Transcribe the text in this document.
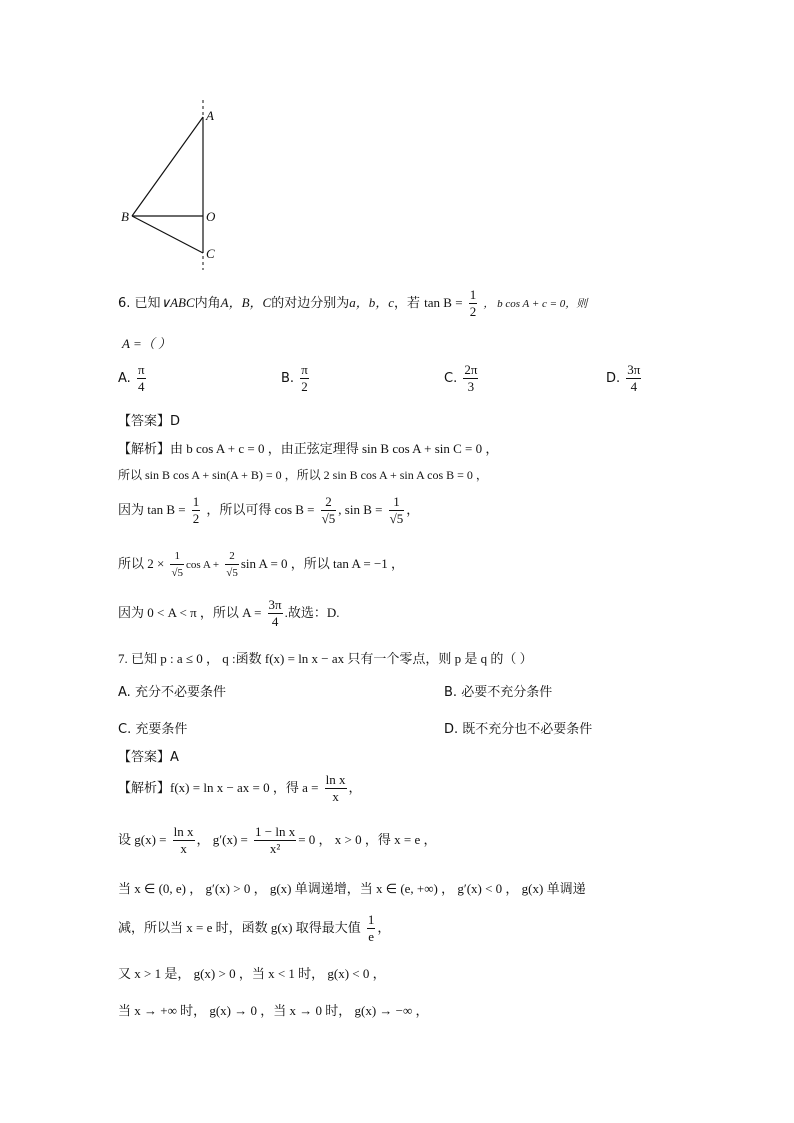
A
B	O
C
6. 已知∨ABC内角A，B，C的对边分别为a，b，c，若 $\tan B = \frac{1}{2}$ ， b cos A + c = 0，则
A =（ ）
A. $\frac{\pi}{4}$	B. $\frac{\pi}{2}$	C. $\frac{2\pi}{3}$	D. $\frac{3\pi}{4}$
【答案】D
【解析】由 b cos A + c = 0 ，由正弦定理得 sin B cos A + sin C = 0 ，
所以 sin B cos A + sin(A + B) = 0 ，所以 2 sin B cos A + sin A cos B = 0 ，
因为 $\tan B = \frac{1}{2}$ ，所以可得 $\cos B = \frac{2}{√5}$ , $\sin B = \frac{1}{√5}$ ，
所以 $2 \times \frac{1}{√5}$ $\cos A + \frac{2}{√5}$ sin A = 0 ，所以 tan A = −1 ，
因为 0 < A < π ，所以 $A = \frac{3\pi}{4}$ .故选：D.
7. 已知 p : a ≤ 0 ， q :函数 f(x) = ln x − ax 只有一个零点，则 p 是 q 的（ ）
A. 充分不必要条件	B. 必要不充分条件
C. 充要条件	D. 既不充分也不必要条件
【答案】A
【解析】f(x) = ln x − ax = 0 ，得 $a = \frac{\text{ln x}}{x}$ ，
设 $g(x) = \frac{\text{ln x}}{x}$ ， $g'(x) = \frac{\text{1 − ln x}}{\text{x²}} = 0$ ， x > 0 ，得 x = e ，
当 x ∈ (0, e) ， g′(x) > 0 ， g(x) 单调递增，当 x ∈ (e, +∞) ， g′(x) < 0 ， g(x) 单调递
减，所以当 x = e 时，函数 g(x) 取得最大值 $\frac{1}{e}$ ，
又 x > 1 是， g(x) > 0 ，当 x < 1 时， g(x) < 0 ，
当 x → +∞ 时， g(x) → 0 ，当 x → 0 时， g(x) → −∞ ，
